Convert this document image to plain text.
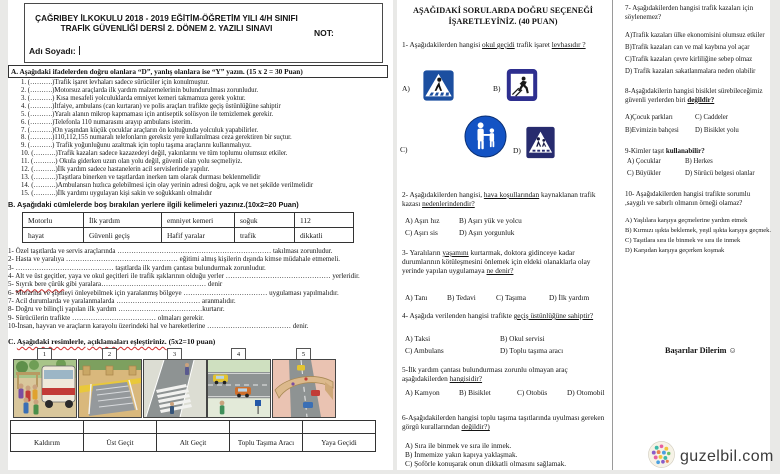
ÇAĞRIBEY İLKOKULU 2018 - 2019 EĞİTİM-ÖĞRETİM YILI 4/H SINIFI
TRAFİK GÜVENLİĞİ DERSİ 2. DÖNEM 2. YAZILI SINAVI	NOT:
Adı Soyadı:
A. Aşağıdaki ifadelerden doğru olanlara “D”, yanlış olanlara ise “Y” yazın. (15 x 2 = 30 Puan)
1. (……….)Trafik işaret levhaları sadece sürücüler için konulmuştur.
2. (……….)Motorsuz araçlarda ilk yardım malzemelerinin bulundurulması zorunludur.
3. (……….) Kısa mesafeli yolculuklarda emniyet kemeri takmamıza gerek yoktur.
4. (……….)İtfaiye, ambulans (can kurtaran) ve polis araçları trafikte geçiş üstünlüğüne sahiptir
5. (……….)Yaralı alanın mikrop kapmaması için antiseptik solüsyon ile temizlemek gerekir.
6. (……….)Telefonla 110 numarasını arayıp ambulans isterim.
7. (……….)On yaşından küçük çocuklar araçların ön koltuğunda yolculuk yapabilirler.
8. (……….)110,112,155 numaralı telefonların gereksiz yere kullanılması ceza gerektiren bir suçtur.
9. (……….) Trafik yoğunluğunu azaltmak için toplu taşıma araçlarını kullanmalıyız.
10. (……….)Trafik kazaları sadece kazazedeyi değil, yakınlarını ve tüm toplumu olumsuz etkiler.
11. (……….) Okula giderken uzun olan yolu değil, güvenli olan yolu seçmeliyiz.
12. (……….)İlk yardım sadece hastanelerin acil servislerinde yapılır.
13. (……….)Taşıtlara binerken ve taşıtlardan inerken tam olarak durması beklenmelidir
14. (……….)Ambulansın hızlıca gelebilmesi için olay yerinin adresi doğru, açık ve net şekilde verilmelidir
15. (……….)İlk yardımı uygulayan kişi sakin ve soğukkanlı olmalıdır
B. Aşağıdaki cümlelerde boş bırakılan yerlere ilgili kelimeleri yazınız.(10x2=20 Puan)
Motorlu	İlk yardım	emniyet kemeri	soğuk	112
hayat	Güvenli geçiş	Hafif yaralar	trafik	dikkatli
1- Özel taşıtlarda ve servis araçlarında ………………………………………………………… takılması zorunludur.
2- Hasta ve yaralıya ………………………………………… eğitimi almış kişilerin dışında kimse müdahale etmemeli.
3- …………………………………… taşıtlarda ilk yardım çantası bulundurmak zorunludur.
4- Alt ve üst geçitler, yaya ve okul geçitleri ile trafik ışıklarının olduğu yerler ……………………………………… yerleridir.
5- Sıyrık bere çürük gibi yaralara……………………………………… denir
6- Morarma ve şişmeyi önleyebilmek için yaralanmış bölgeye ……………………………… uygulaması yapılmalıdır.
7- Acil durumlarda ve yaralanmalarda ……………………………… aranmalıdır.
8- Doğru ve bilinçli yapılan ilk yardım ………………………………kurtarır.
9- Sürücülerin trafikte ……………………………… olmaları gerekir.
10-İnsan, hayvan ve araçların karayolu üzerindeki hal ve hareketlerine ……………………………… denir.
C. Aşağıdaki resimlerle, açıklamaları eşleştiriniz. (5x2=10 puan)
1	2	3	4	5

Kaldırım	Üst Geçit	Alt Geçit	Toplu Taşıma Aracı	Yaya Geçidi
AŞAĞIDAKİ SORULARDA DOĞRU SEÇENEĞİ
İŞARETLEYİNİZ. (40 PUAN)
1- Aşağıdakilerden hangisi okul geçidi trafik işaret levhasıdır ?
A)	B)
C)	D)
2- Aşağıdakilerden hangisi, hava koşullarından kaynaklanan trafik kazası nedenlerindendir?
A) Aşırı hız	B) Aşırı yük ve yolcu
C) Aşırı sis	D) Aşırı yorgunluk
3- Yaralıların yaşamını kurtarmak, doktora gidinceye kadar durumlarının kötüleşmesini önlemek için eldeki olanaklarla olay yerinde yapılan uygulamaya ne denir?
A) Tanı	B) Tedavi	C) Taşıma	D) İlk yardım
4- Aşağıda verilenden hangisi trafikte geçiş üstünlüğüne sahiptir?
A) Taksi	B) Okul servisi
C) Ambulans	D) Toplu taşıma aracı
5-İlk yardım çantası bulundurması zorunlu olmayan araç aşağıdakilerden hangisidir?
A) Kamyon	B) Bisiklet	C) Otobüs	D) Otomobil
6-Aşağıdakilerden hangisi toplu taşıma taşıtlarında uyulması gereken görgü kurallarından değildir?)
A) Sıra ile binmek ve sıra ile inmek.
B) İnmemize yakın kapıya yaklaşmak.
C) Şoförle konuşarak onun dikkatli olmasını sağlamak.
7- Aşağıdakilerden hangisi trafik kazaları için söylenemez?
A)Trafik kazaları ülke ekonomisini olumsuz etkiler
B)Trafik kazaları can ve mal kaybına yol açar
C)Trafik kazaları çevre kirliliğine sebep olmaz
D) Trafik kazaları sakatlanmalara neden olabilir
8-Aşağıdakilerin hangisi bisiklet sürebileceğimiz güvenli yerlerden biri değildir?
A)Çocuk parkları	C) Caddeler
B)Evimizin bahçesi D) Bisiklet yolu
9-Kimler taşıt kullanabilir?
A) Çocuklar	B) Herkes
C) Büyükler	D) Sürücü belgesi olanlar
10- Aşağıdakilerden hangisi trafikte sorumlu ,saygılı ve sabırlı olmanın örneği olamaz?
A) Yaşlılara karşıya geçmelerine yardım etmek
B) Kırmızı ışıkta beklemek, yeşil ışıkta karşıya geçmek.
C) Taşıtlara sıra ile binmek ve sıra ile inmek
D) Karşıdan karşıya geçerken koşmak
Başarılar Dilerim ☺
guzelbil.com
